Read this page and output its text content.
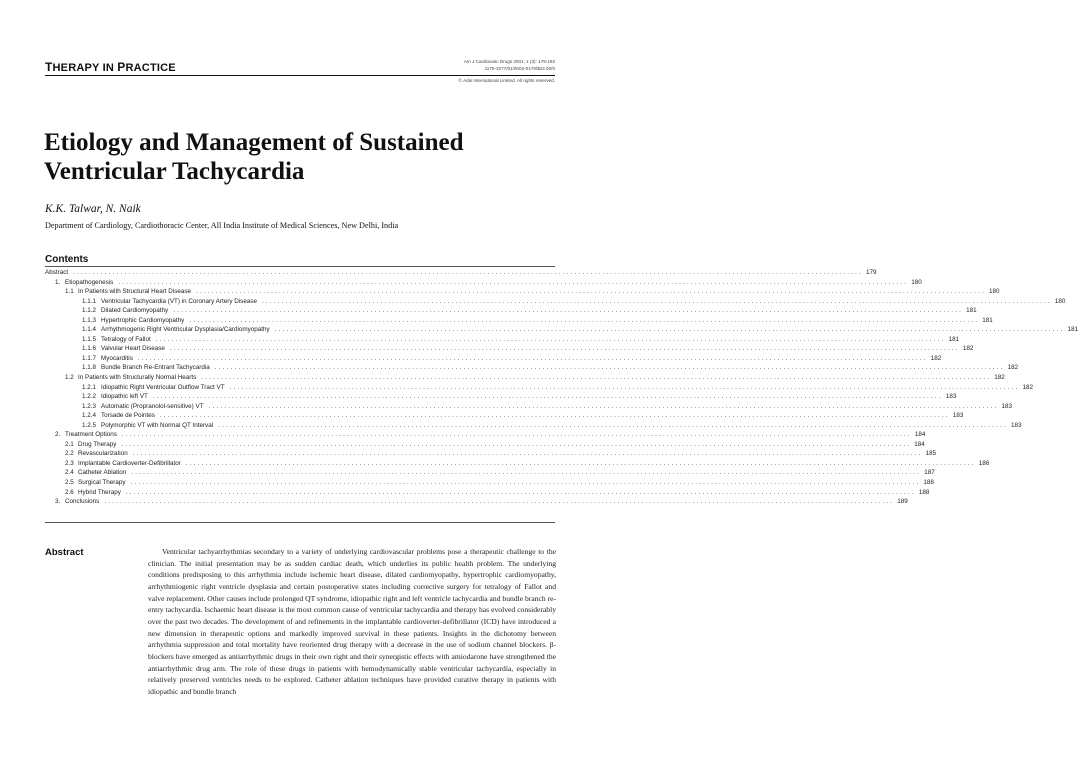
THERAPY IN PRACTICE
Am J Cardiovasc Drugs 2001; 1 (3): 179-192
1175-3277/01/0003-0179/$22.00/0
© Adis International Limited. All rights reserved.
Etiology and Management of Sustained
Ventricular Tachycardia
K.K. Talwar, N. Naik
Department of Cardiology, Cardiothoracic Center, All India Institute of Medical Sciences, New Delhi, India
Contents
Abstract ........................................................................................................................................................................................................ 179
1. Etiopathogenesis ........................................................................................................................................................................................................ 180
1.1 In Patients with Structural Heart Disease ........................................................................................................................................................................................................ 180
1.1.1 Ventricular Tachycardia (VT) in Coronary Artery Disease ........................................................................................................................................................................................................ 180
1.1.2 Dilated Cardiomyopathy ........................................................................................................................................................................................................ 181
1.1.3 Hypertrophic Cardiomyopathy ........................................................................................................................................................................................................ 181
1.1.4 Arrhythmogenic Right Ventricular Dysplasia/Cardiomyopathy ........................................................................................................................................................................................................ 181
1.1.5 Tetralogy of Fallot ........................................................................................................................................................................................................ 181
1.1.6 Valvular Heart Disease ........................................................................................................................................................................................................ 182
1.1.7 Myocarditis ........................................................................................................................................................................................................ 182
1.1.8 Bundle Branch Re-Entrant Tachycardia ........................................................................................................................................................................................................ 182
1.2 In Patients with Structurally Normal Hearts ........................................................................................................................................................................................................ 182
1.2.1 Idiopathic Right Ventricular Outflow Tract VT ........................................................................................................................................................................................................ 182
1.2.2 Idiopathic left VT ........................................................................................................................................................................................................ 183
1.2.3 Automatic (Propranolol-sensitive) VT ........................................................................................................................................................................................................ 183
1.2.4 Torsade de Pointes ........................................................................................................................................................................................................ 183
1.2.5 Polymorphic VT with Normal QT Interval ........................................................................................................................................................................................................ 183
2. Treatment Options ........................................................................................................................................................................................................ 184
2.1 Drug Therapy ........................................................................................................................................................................................................ 184
2.2 Revascularization ........................................................................................................................................................................................................ 185
2.3 Implantable Cardioverter-Defibrillator ........................................................................................................................................................................................................ 186
2.4 Catheter Ablation ........................................................................................................................................................................................................ 187
2.5 Surgical Therapy ........................................................................................................................................................................................................ 188
2.6 Hybrid Therapy ........................................................................................................................................................................................................ 188
3. Conclusions ........................................................................................................................................................................................................ 189
Abstract	Ventricular tachyarrhythmias secondary to a variety of underlying cardiovascular problems pose a therapeutic challenge to the clinician. The initial presentation may be as sudden cardiac death, which underlies its public health problem. The underlying conditions predisposing to this arrhythmia include ischemic heart disease, dilated cardiomyopathy, hypertrophic cardiomyopathy, arrhythmiogenic right ventricle dysplasia and certain postoperative states including corrective surgery for tetralogy of Fallot and valve replacement. Other causes include prolonged QT syndrome, idiopathic right and left ventricle tachycardia and bundle branch re-entry tachycardia. Ischaemic heart disease is the most common cause of ventricular tachycardia and therapy has evolved considerably over the past two decades. The development of and refinements in the implantable cardioverter-defibrillator (ICD) have introduced a new dimension in therapeutic options and markedly improved survival in these patients. Insights in the dichotomy between arrhythmia suppression and total mortality have reoriented drug therapy with a decrease in the use of sodium channel blockers. β-blockers have emerged as antiarrhythmic drugs in their own right and their synergistic effects with amiodarone have strengthened the antiarrhythmic drug arm. The role of these drugs in patients with hemodynamically stable ventricular tachycardia, especially in relatively preserved ventricles needs to be explored. Catheter ablation techniques have provided curative therapy in patients with idiopathic and bundle branch
